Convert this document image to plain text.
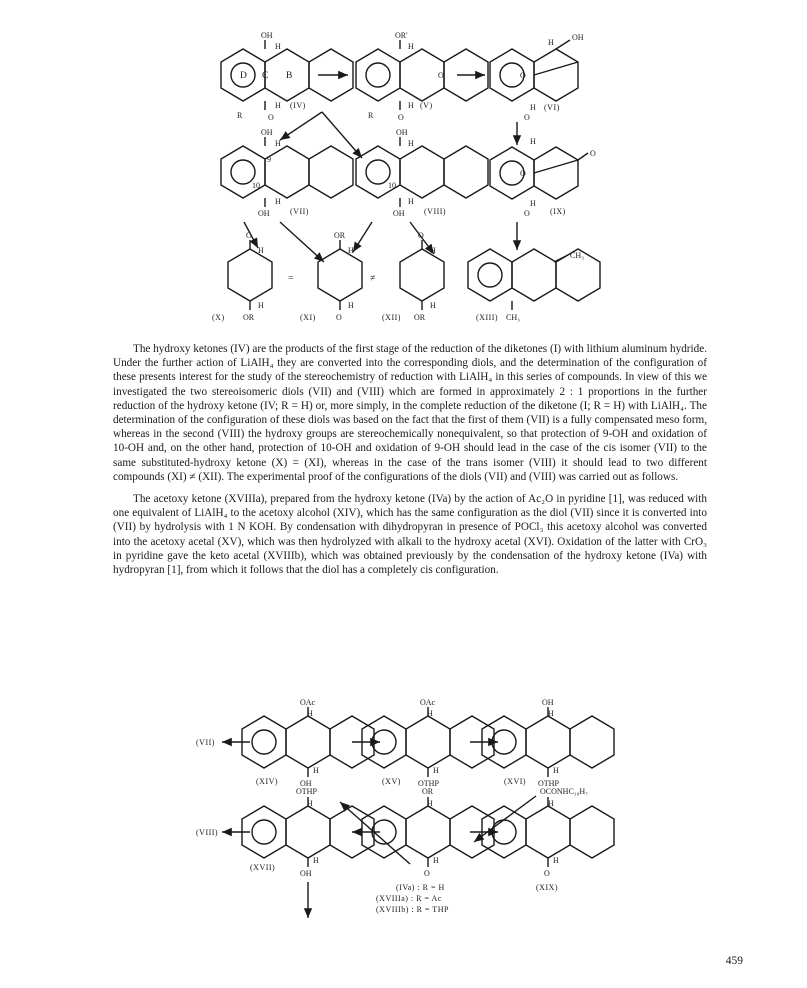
OH
H
O
H
R
D C B
(IV)
OR'
H
O
H
R
O
(V)
O
H
OH
H
O
(VI)
OH
H
9
10
H
OH	(VII)
OH
H
10
H
OH (VIII)
O
O
H
H
O	(IX)
O
H
H
OR
(X)
=
OR
H
H
O
(XI)
≠
O
H
H
OR
(XII)
CH₃
CH₃
(XIII)

The hydroxy ketones (IV) are the products of the first stage of the reduction of the diketones (I) with lithium aluminum hydride. Under the further action of LiAlH₄ they are converted into the corresponding diols, and the determination of the configuration of these presents interest for the study of the stereochemistry of reduction with LiAlH₄ in this series of compounds. In view of this we investigated the two stereoisomeric diols (VII) and (VIII) which are formed in approximately 2 : 1 proportions in the further reduction of the hydroxy ketone (IV; R = H) or, more simply, in the complete reduction of the diketone (I; R = H) with LiAlH₄. The determination of the configuration of these diols was based on the fact that the first of them (VII) is a fully compensated meso form, whereas in the second (VIII) the hydroxy groups are stereochemically nonequivalent, so that protection of 9-OH and oxidation of 10-OH and, on the other hand, protection of 10-OH and oxidation of 9-OH should lead in the case of the cis isomer (VII) to the same substituted-hydroxy ketone (X) = (XI), whereas in the case of the trans isomer (VIII) it should lead to two different compounds (XI) ≠ (XII). The experimental proof of the configurations of the diols (VII) and (VIII) was carried out as follows.

The acetoxy ketone (XVIIIa), prepared from the hydroxy ketone (IVa) by the action of Ac₂O in pyridine [1], was reduced with one equivalent of LiAlH₄ to the acetoxy alcohol (XIV), which has the same configuration as the diol (VII) since it is converted into (VII) by hydrolysis with 1 N KOH. By condensation with dihydropyran in presence of POCl₃ this acetoxy alcohol was converted into the acetoxy acetal (XV), which was then hydrolyzed with alkali to the hydroxy acetal (XVI). Oxidation of the latter with CrO₃ in pyridine gave the keto acetal (XVIIIb), which was obtained previously by the condensation of the hydroxy ketone (IVa) with hydropyran [1], from which it follows that the diol has a completely cis configuration.

(VII)
OAc
H
H
OH
(XIV)
OAc
H
H
OTHP
(XV)
OH
H
H
OTHP
(XVI)
(VIII)
OTHP
H
H
OH
(XVII)
OR
H
H
O
(IVa) : R = H
(XVIIIa) : R = Ac
(XVIIIb) : R = THP
OCONHC₁₀H₇
H
H
O
(XIX)
459
